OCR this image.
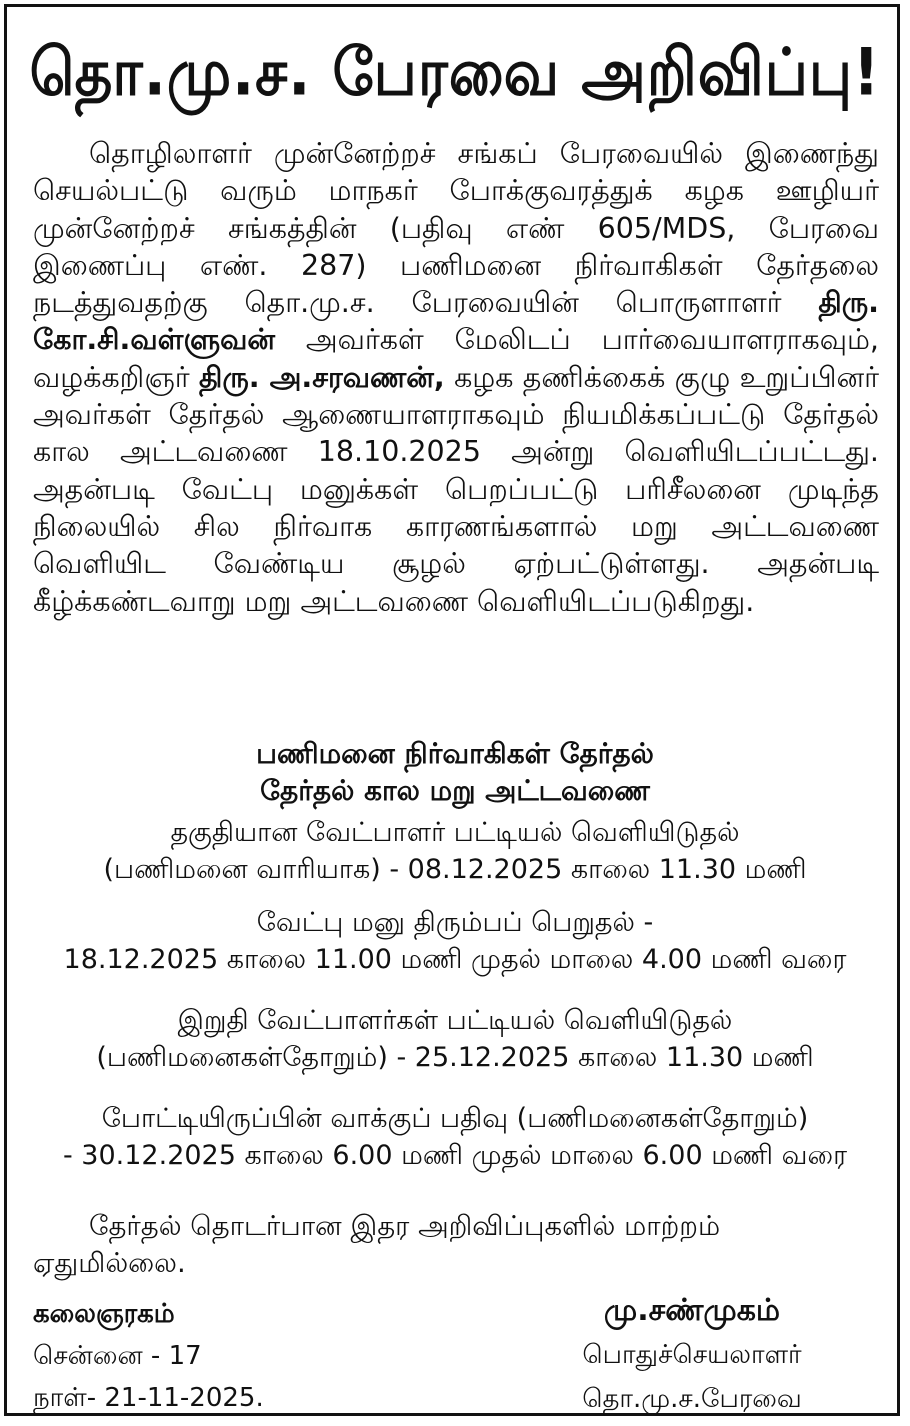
தொ.மு.ச. பேரவை அறிவிப்பு!
தொழிலாளர் முன்னேற்றச் சங்கப் பேரவையில் இணைந்து செயல்பட்டு வரும் மாநகர் போக்குவரத்துக் கழக ஊழியர் முன்னேற்றச் சங்கத்தின் (பதிவு எண் 605/MDS, பேரவை இணைப்பு எண். 287) பணிமனை நிர்வாகிகள் தேர்தலை நடத்துவதற்கு தொ.மு.ச. பேரவையின் பொருளாளர் திரு. கோ.சி.வள்ளுவன் அவர்கள் மேலிடப் பார்வையாளராகவும், வழக்கறிஞர் திரு. அ.சரவணன், கழக தணிக்கைக் குழு உறுப்பினர் அவர்கள் தேர்தல் ஆணையாளராகவும் நியமிக்கப்பட்டு தேர்தல் கால அட்டவணை 18.10.2025 அன்று வெளியிடப்பட்டது. அதன்படி வேட்பு மனுக்கள் பெறப்பட்டு பரிசீலனை முடிந்த நிலையில் சில நிர்வாக காரணங்களால் மறு அட்டவணை வெளியிட வேண்டிய சூழல் ஏற்பட்டுள்ளது. அதன்படி கீழ்க்கண்டவாறு மறு அட்டவணை வெளியிடப்படுகிறது.
பணிமனை நிர்வாகிகள் தேர்தல்
தேர்தல் கால மறு அட்டவணை
தகுதியான வேட்பாளர் பட்டியல் வெளியிடுதல்
(பணிமனை வாரியாக) - 08.12.2025 காலை 11.30 மணி
வேட்பு மனு திரும்பப் பெறுதல் -
18.12.2025 காலை 11.00 மணி முதல் மாலை 4.00 மணி வரை
இறுதி வேட்பாளர்கள் பட்டியல் வெளியிடுதல்
(பணிமனைகள்தோறும்) - 25.12.2025 காலை 11.30 மணி
போட்டியிருப்பின் வாக்குப் பதிவு (பணிமனைகள்தோறும்)
- 30.12.2025 காலை 6.00 மணி முதல் மாலை 6.00 மணி வரை
தேர்தல் தொடர்பான இதர அறிவிப்புகளில் மாற்றம் ஏதுமில்லை.
கலைஞரகம்
சென்னை - 17
நாள்- 21-11-2025.
மு.சண்முகம்
பொதுச்செயலாளர்
தொ.மு.ச.பேரவை
